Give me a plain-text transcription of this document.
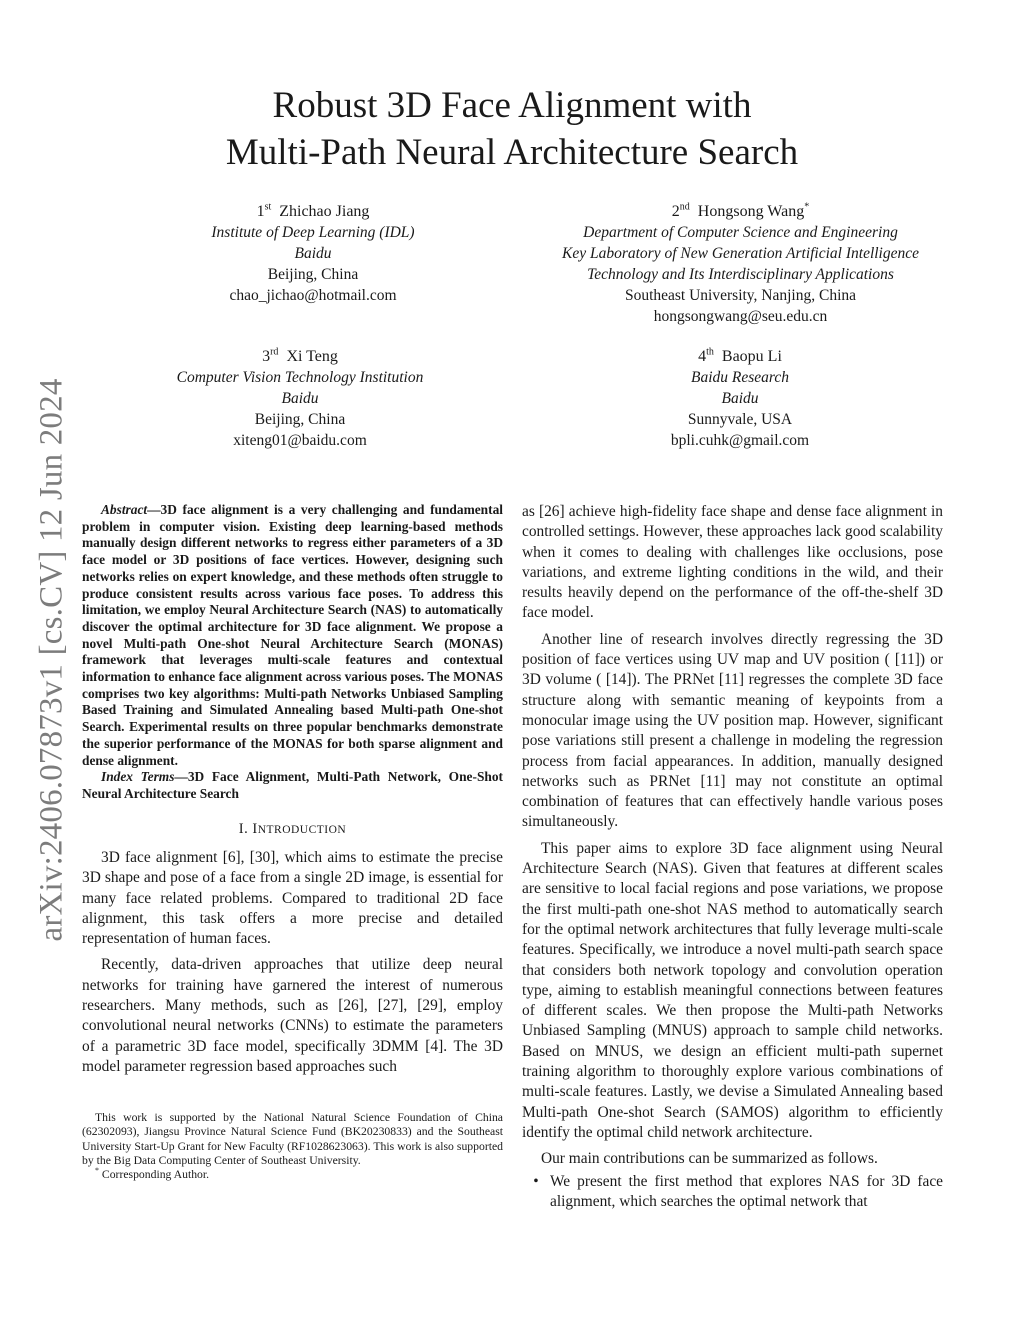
arXiv:2406.07873v1 [cs.CV] 12 Jun 2024
Robust 3D Face Alignment with
Multi-Path Neural Architecture Search
1st Zhichao Jiang
Institute of Deep Learning (IDL)
Baidu
Beijing, China
chao_jichao@hotmail.com
2nd Hongsong Wang*
Department of Computer Science and Engineering
Key Laboratory of New Generation Artificial Intelligence
Technology and Its Interdisciplinary Applications
Southeast University, Nanjing, China
hongsongwang@seu.edu.cn
3rd Xi Teng
Computer Vision Technology Institution
Baidu
Beijing, China
xiteng01@baidu.com
4th Baopu Li
Baidu Research
Baidu
Sunnyvale, USA
bpli.cuhk@gmail.com

Abstract—3D face alignment is a very challenging and fundamental problem in computer vision. Existing deep learning-based methods manually design different networks to regress either parameters of a 3D face model or 3D positions of face vertices. However, designing such networks relies on expert knowledge, and these methods often struggle to produce consistent results across various face poses. To address this limitation, we employ Neural Architecture Search (NAS) to automatically discover the optimal architecture for 3D face alignment. We propose a novel Multi-path One-shot Neural Architecture Search (MONAS) framework that leverages multi-scale features and contextual information to enhance face alignment across various poses. The MONAS comprises two key algorithms: Multi-path Networks Unbiased Sampling Based Training and Simulated Annealing based Multi-path One-shot Search. Experimental results on three popular benchmarks demonstrate the superior performance of the MONAS for both sparse alignment and dense alignment.

Index Terms—3D Face Alignment, Multi-Path Network, One-Shot Neural Architecture Search

I. INTRODUCTION

3D face alignment [6], [30], which aims to estimate the precise 3D shape and pose of a face from a single 2D image, is essential for many face related problems. Compared to traditional 2D face alignment, this task offers a more precise and detailed representation of human faces.

Recently, data-driven approaches that utilize deep neural networks for training have garnered the interest of numerous researchers. Many methods, such as [26], [27], [29], employ convolutional neural networks (CNNs) to estimate the parameters of a parametric 3D face model, specifically 3DMM [4]. The 3D model parameter regression based approaches such

This work is supported by the National Natural Science Foundation of China (62302093), Jiangsu Province Natural Science Fund (BK20230833) and the Southeast University Start-Up Grant for New Faculty (RF1028623063). This work is also supported by the Big Data Computing Center of Southeast University.

* Corresponding Author.

as [26] achieve high-fidelity face shape and dense face alignment in controlled settings. However, these approaches lack good scalability when it comes to dealing with challenges like occlusions, pose variations, and extreme lighting conditions in the wild, and their results heavily depend on the performance of the off-the-shelf 3D face model.

Another line of research involves directly regressing the 3D position of face vertices using UV map and UV position ( [11]) or 3D volume ( [14]). The PRNet [11] regresses the complete 3D face structure along with semantic meaning of keypoints from a monocular image using the UV position map. However, significant pose variations still present a challenge in modeling the regression process from facial appearances. In addition, manually designed networks such as PRNet [11] may not constitute an optimal combination of features that can effectively handle various poses simultaneously.

This paper aims to explore 3D face alignment using Neural Architecture Search (NAS). Given that features at different scales are sensitive to local facial regions and pose variations, we propose the first multi-path one-shot NAS method to automatically search for the optimal network architectures that fully leverage multi-scale features. Specifically, we introduce a novel multi-path search space that considers both network topology and convolution operation type, aiming to establish meaningful connections between features of different scales. We then propose the Multi-path Networks Unbiased Sampling (MNUS) approach to sample child networks. Based on MNUS, we design an efficient multi-path supernet training algorithm to thoroughly explore various combinations of multi-scale features. Lastly, we devise a Simulated Annealing based Multi-path One-shot Search (SAMOS) algorithm to efficiently identify the optimal child network architecture.

Our main contributions can be summarized as follows.

• We present the first method that explores NAS for 3D face alignment, which searches the optimal network that
